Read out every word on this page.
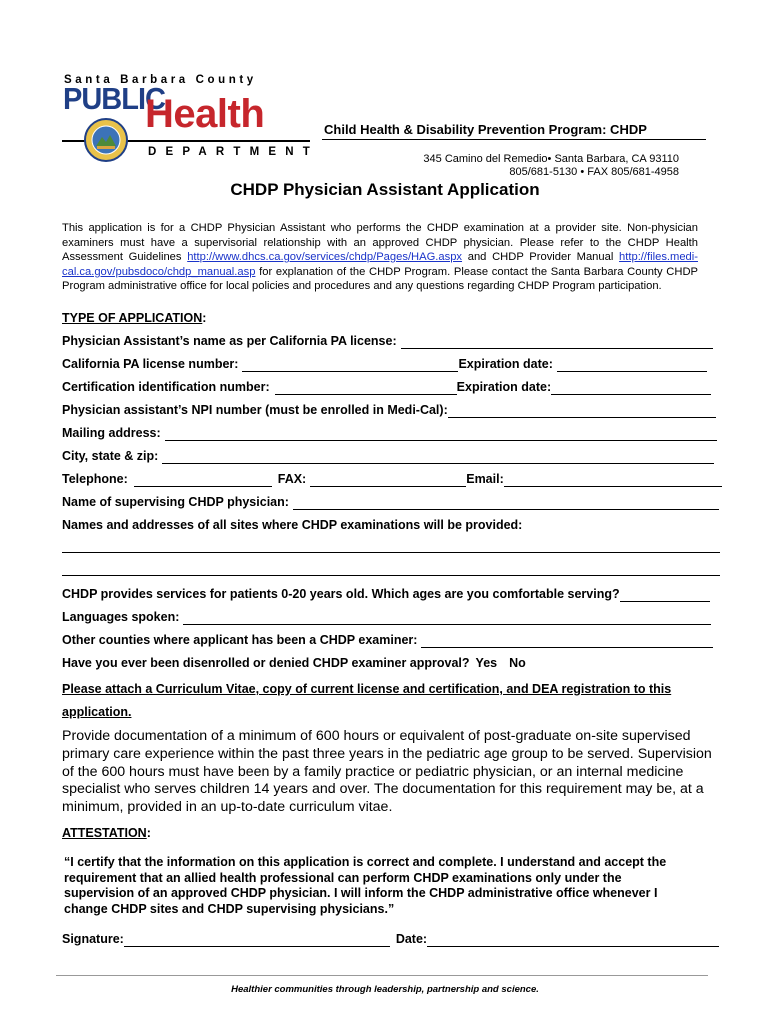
Santa Barbara County
PUBLIC
Health
DEPARTMENT
Child Health & Disability Prevention Program: CHDP
345 Camino del Remedio• Santa Barbara, CA 93110
805/681-5130 • FAX 805/681-4958
CHDP Physician Assistant Application
This application is for a CHDP Physician Assistant who performs the CHDP examination at a provider site. Non-physician examiners must have a supervisorial relationship with an approved CHDP physician. Please refer to the CHDP Health Assessment Guidelines http://www.dhcs.ca.gov/services/chdp/Pages/HAG.aspx and CHDP Provider Manual http://files.medi-cal.ca.gov/pubsdoco/chdp_manual.asp for explanation of the CHDP Program. Please contact the Santa Barbara County CHDP Program administrative office for local policies and procedures and any questions regarding CHDP Program participation.
TYPE OF APPLICATION:
Physician Assistant’s name as per California PA license:
California PA license number:	Expiration date:
Certification identification number:	Expiration date:
Physician assistant’s NPI number (must be enrolled in Medi-Cal):
Mailing address:
City, state & zip:
Telephone:	FAX:	Email:
Name of supervising CHDP physician:
Names and addresses of all sites where CHDP examinations will be provided:
CHDP provides services for patients 0-20 years old. Which ages are you comfortable serving?
Languages spoken:
Other counties where applicant has been a CHDP examiner:
Have you ever been disenrolled or denied CHDP examiner approval? Yes No
Please attach a Curriculum Vitae, copy of current license and certification, and DEA registration to this application.
Provide documentation of a minimum of 600 hours or equivalent of post-graduate on-site supervised primary care experience within the past three years in the pediatric age group to be served. Supervision of the 600 hours must have been by a family practice or pediatric physician, or an internal medicine specialist who serves children 14 years and over. The documentation for this requirement may be, at a minimum, provided in an up-to-date curriculum vitae.
ATTESTATION:
“I certify that the information on this application is correct and complete. I understand and accept the requirement that an allied health professional can perform CHDP examinations only under the supervision of an approved CHDP physician. I will inform the CHDP administrative office whenever I change CHDP sites and CHDP supervising physicians.”
Signature:	Date:
Healthier communities through leadership, partnership and science.
